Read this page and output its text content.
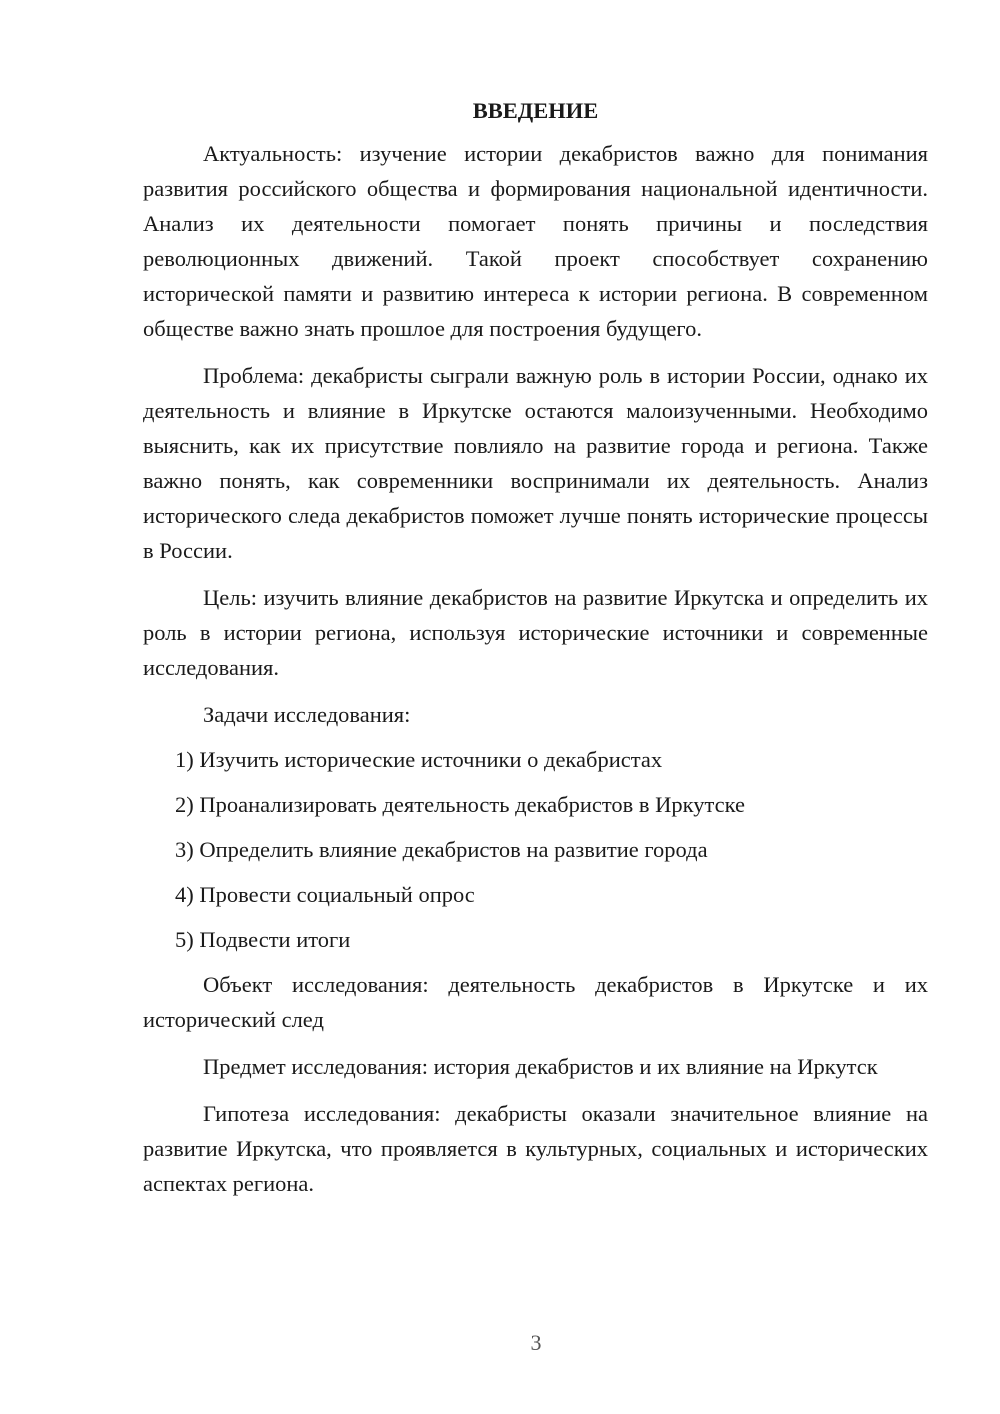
ВВЕДЕНИЕ

Актуальность: изучение истории декабристов важно для понимания развития российского общества и формирования национальной идентичности. Анализ их деятельности помогает понять причины и последствия революционных движений. Такой проект способствует сохранению исторической памяти и развитию интереса к истории региона. В современном обществе важно знать прошлое для построения будущего.

Проблема: декабристы сыграли важную роль в истории России, однако их деятельность и влияние в Иркутске остаются малоизученными. Необходимо выяснить, как их присутствие повлияло на развитие города и региона. Также важно понять, как современники воспринимали их деятельность. Анализ исторического следа декабристов поможет лучше понять исторические процессы в России.

Цель: изучить влияние декабристов на развитие Иркутска и определить их роль в истории региона, используя исторические источники и современные исследования.

Задачи исследования:

1) Изучить исторические источники о декабристах
2) Проанализировать деятельность декабристов в Иркутске
3) Определить влияние декабристов на развитие города
4) Провести социальный опрос
5) Подвести итоги

Объект исследования: деятельность декабристов в Иркутске и их исторический след

Предмет исследования: история декабристов и их влияние на Иркутск

Гипотеза исследования: декабристы оказали значительное влияние на развитие Иркутска, что проявляется в культурных, социальных и исторических аспектах региона.

3
